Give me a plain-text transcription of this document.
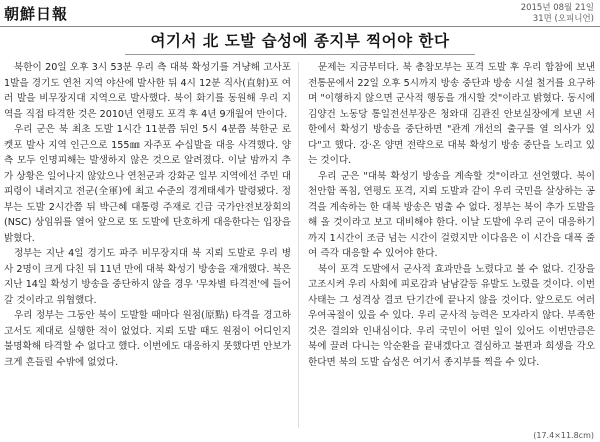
朝鮮日報	2015년 08월 21일
31면 (오피니언)
여기서 北 도발 습성에 종지부 찍어야 한다

북한이 20일 오후 3시 53분 우리 측 대북 확성기를 겨냥해 고사포 1발을 경기도 연천 지역 야산에 발사한 뒤 4시 12분 직사(直射)포 여러 발을 비무장지대 지역으로 발사했다. 북이 화기를 동원해 우리 지역을 직접 타격한 것은 2010년 연평도 포격 후 4년 9개월여 만이다.

우리 군은 북 최초 도발 1시간 11분쯤 뒤인 5시 4분쯤 북한군 로켓포 발사 지역 인근으로 155㎜ 자주포 수십발을 대응 사격했다. 양측 모두 인명피해는 발생하지 않은 것으로 알려졌다. 이날 밤까지 추가 상황은 일어나지 않았으나 연천군과 강화군 일부 지역에선 주민 대피령이 내려지고 전군(全軍)에 최고 수준의 경계태세가 발령됐다. 정부는 도발 2시간쯤 뒤 박근혜 대통령 주재로 긴급 국가안전보장회의(NSC) 상임위를 열어 앞으로 또 도발에 단호하게 대응한다는 입장을 밝혔다.

정부는 지난 4일 경기도 파주 비무장지대 북 지뢰 도발로 우리 병사 2명이 크게 다친 뒤 11년 만에 대북 확성기 방송을 재개했다. 북은 지난 14일 확성기 방송을 중단하지 않을 경우 '무차별 타격전'에 들어갈 것이라고 위협했다.

우리 정부는 그동안 북이 도발할 때마다 원점(原點) 타격을 경고하고서도 제대로 실행한 적이 없었다. 지뢰 도발 때도 원점이 어디인지 불명확해 타격할 수 없다고 했다. 이번에도 대응하지 못했다면 안보가 크게 흔들릴 수밖에 없었다.

문제는 지금부터다. 북 총참모부는 포격 도발 후 우리 합참에 보낸 전통문에서 22일 오후 5시까지 방송 중단과 방송 시설 철거를 요구하며 "이행하지 않으면 군사적 행동을 개시할 것"이라고 밝혔다. 동시에 김양건 노동당 통일전선부장은 청와대 김관진 안보실장에게 보낸 서한에서 확성기 방송을 중단하면 "관계 개선의 출구를 열 의사가 있다"고 했다. 강·온 양면 전략으로 대북 확성기 방송 중단을 노리고 있는 것이다.

우리 군은 "대북 확성기 방송을 계속할 것"이라고 선언했다. 북이 천안함 폭침, 연평도 포격, 지뢰 도발과 같이 우리 국민을 살상하는 공격을 계속하는 한 대북 방송은 멈출 수 없다. 정부는 북이 추가 도발을 해 올 것이라고 보고 대비해야 한다. 이날 도발에 우리 군이 대응하기까지 1시간이 조금 넘는 시간이 걸렸지만 이다음은 이 시간을 대폭 줄여 즉각 대응할 수 있어야 한다.

북이 포격 도발에서 군사적 효과만을 노렸다고 볼 수 없다. 긴장을 고조시켜 우리 사회에 피로감과 남남갈등 유발도 노렸을 것이다. 이번 사태는 그 성격상 결코 단기간에 끝나지 않을 것이다. 앞으로도 여러 우여곡절이 있을 수 있다. 우리 군사적 능력은 모자라지 않다. 부족한 것은 결의와 인내심이다. 우리 국민이 어떤 일이 있어도 이번만큼은 북에 끌려 다니는 악순환을 끝내겠다고 결심하고 불편과 희생을 각오한다면 북의 도발 습성은 여기서 종지부를 찍을 수 있다.

(17.4×11.8cm)
